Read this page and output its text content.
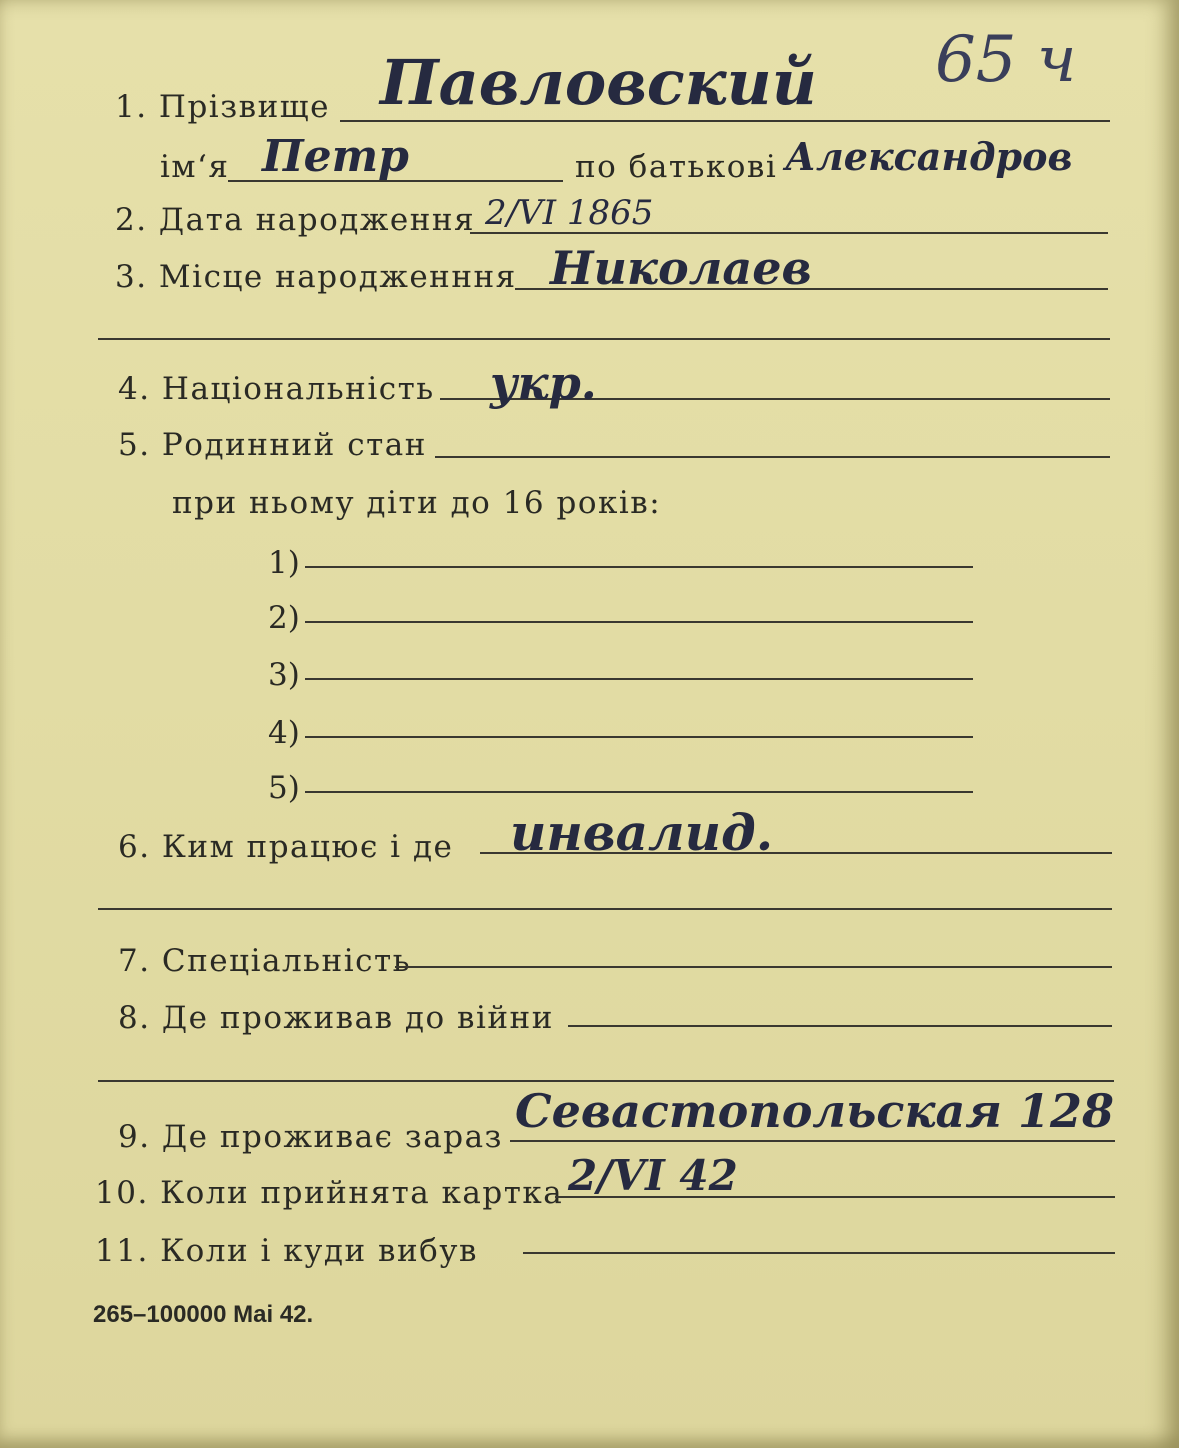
65 ч
1. Прізвище Павловский
ім‘я Петр	по батькові Александров
2. Дата народження 2/VI 1865
3. Місце народженння Николаев
4. Національність укр.
5. Родинний стан
при ньому діти до 16 років:
1)
2)
3)
4)
5)
6. Ким працює і де инвалид.
7. Спеціальність
8. Де проживав до війни
9. Де проживає зараз Севастопольская 128
10. Коли прийнята картка 2/VI 42
11. Коли і куди вибув
265–100000 Mai 42.
